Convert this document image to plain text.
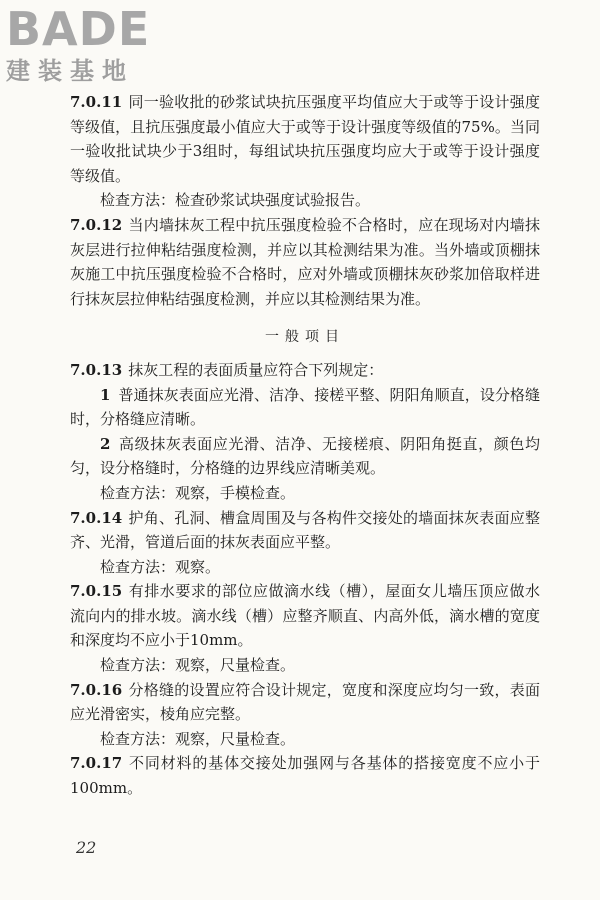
BADE
建装基地

7.0.11 同一验收批的砂浆试块抗压强度平均值应大于或等于设计强度等级值，且抗压强度最小值应大于或等于设计强度等级值的75%。当同一验收批试块少于3组时，每组试块抗压强度均应大于或等于设计强度等级值。

检查方法：检查砂浆试块强度试验报告。

7.0.12 当内墙抹灰工程中抗压强度检验不合格时，应在现场对内墙抹灰层进行拉伸粘结强度检测，并应以其检测结果为准。当外墙或顶棚抹灰施工中抗压强度检验不合格时，应对外墙或顶棚抹灰砂浆加倍取样进行抹灰层拉伸粘结强度检测，并应以其检测结果为准。

一般项目

7.0.13 抹灰工程的表面质量应符合下列规定：

1 普通抹灰表面应光滑、洁净、接槎平整、阴阳角顺直，设分格缝时，分格缝应清晰。

2 高级抹灰表面应光滑、洁净、无接槎痕、阴阳角挺直，颜色均匀，设分格缝时，分格缝的边界线应清晰美观。

检查方法：观察，手模检查。

7.0.14 护角、孔洞、槽盒周围及与各构件交接处的墙面抹灰表面应整齐、光滑，管道后面的抹灰表面应平整。

检查方法：观察。

7.0.15 有排水要求的部位应做滴水线（槽），屋面女儿墙压顶应做水流向内的排水坡。滴水线（槽）应整齐顺直、内高外低，滴水槽的宽度和深度均不应小于10mm。

检查方法：观察，尺量检查。

7.0.16 分格缝的设置应符合设计规定，宽度和深度应均匀一致，表面应光滑密实，棱角应完整。

检查方法：观察，尺量检查。

7.0.17 不同材料的基体交接处加强网与各基体的搭接宽度不应小于100mm。

22
